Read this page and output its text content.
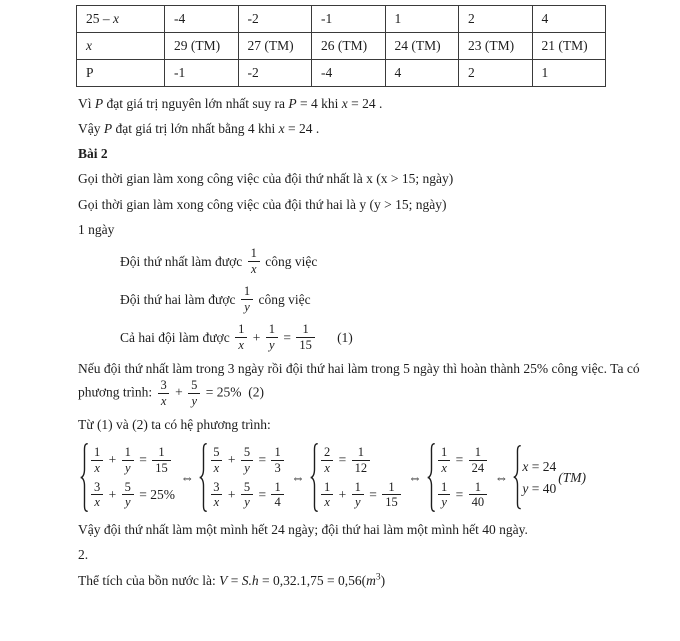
25 – x	-4	-2	-1	1	2	4
x	29 (TM)	27 (TM)	26 (TM)	24 (TM)	23 (TM)	21 (TM)
P	-1	-2	-4	4	2	1

Vì P đạt giá trị nguyên lớn nhất suy ra P = 4 khi x = 24 .

Vậy P đạt giá trị lớn nhất bằng 4 khi x = 24 .

Bài 2

Gọi thời gian làm xong công việc của đội thứ nhất là x (x > 15; ngày)

Gọi thời gian làm xong công việc của đội thứ hai là y (y > 15; ngày)

1 ngày

Đội thứ nhất làm được $\frac{1}{x}$ công việc

Đội thứ hai làm được $\frac{1}{y}$ công việc

Cả hai đội làm được $\frac{1}{x} + \frac{1}{y} = \frac{1}{15}$   (1)

Nếu đội thứ nhất làm trong 3 ngày rồi đội thứ hai làm trong 5 ngày thì hoàn thành 25% công việc. Ta có phương trình: $\frac{3}{x} + \frac{5}{y} = 25\%$ (2)

Từ (1) và (2) ta có hệ phương trình:

$\frac{1}{x} + \frac{1}{y} = \frac{1}{15}$
$\frac{3}{x} + \frac{5}{y} = 25\%$
⇔
$\frac{5}{x} + \frac{5}{y} = \frac{1}{3}$
$\frac{3}{x} + \frac{5}{y} = \frac{1}{4}$
⇔
$\frac{2}{x} = \frac{1}{12}$
$\frac{1}{x} + \frac{1}{y} = \frac{1}{15}$
⇔
$\frac{1}{x} = \frac{1}{24}$
$\frac{1}{y} = \frac{1}{40}$
⇔
x = 24
y = 40
(TM)

Vậy đội thứ nhất làm một mình hết 24 ngày; đội thứ hai làm một mình hết 40 ngày.

2.

Thể tích của bồn nước là: $V = S.h = 0,32.1,75 = 0,56(m^3)$
